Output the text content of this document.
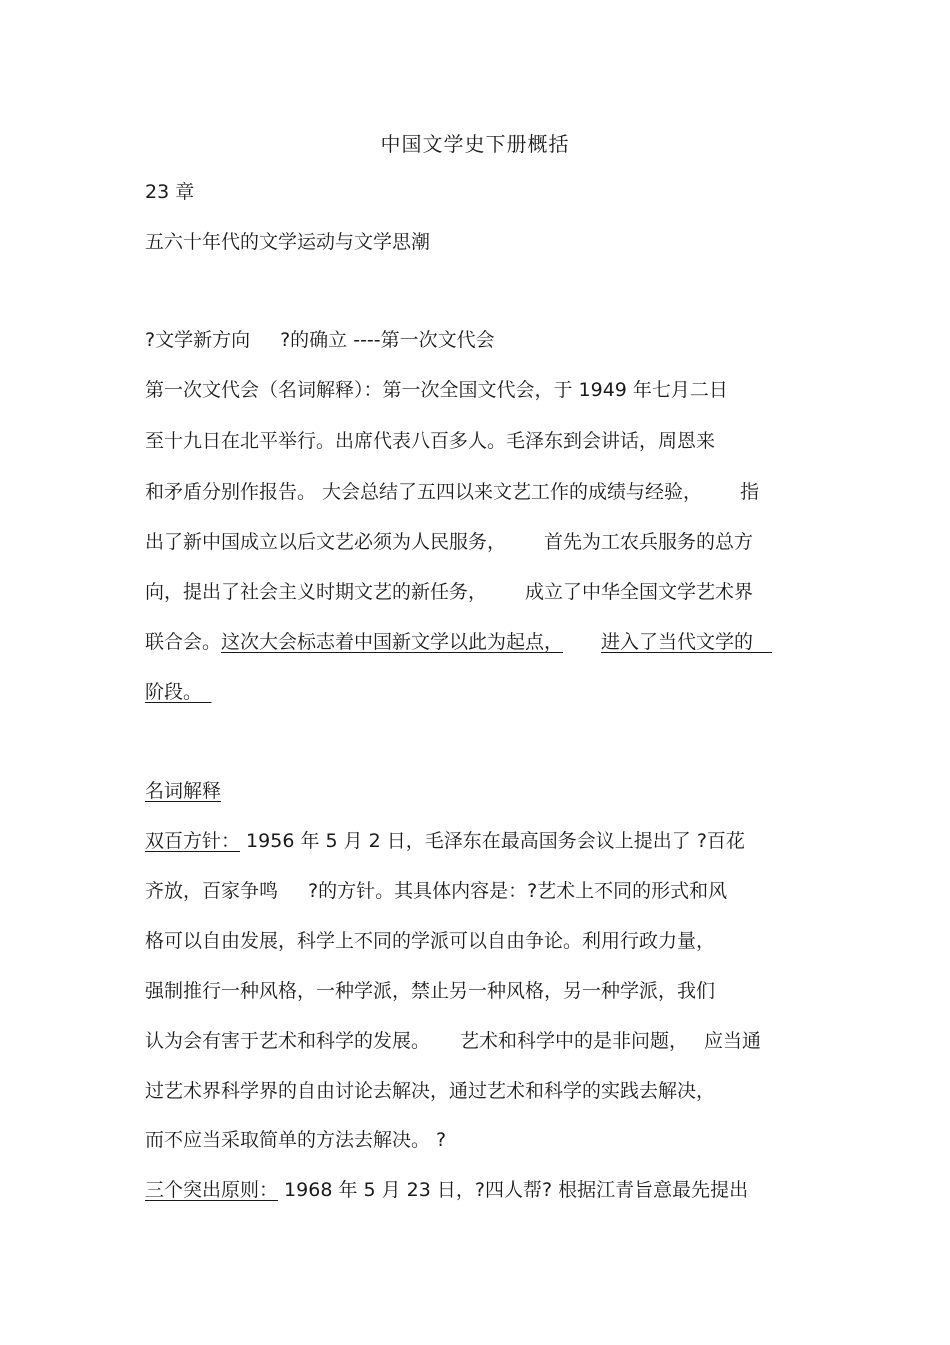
中国文学史下册概括
23 章
五六十年代的文学运动与文学思潮
?文学新方向 ?的确立 ----第一次文代会
第一次文代会（名词解释）：第一次全国文代会，于 1949 年七月二日
至十九日在北平举行。出席代表八百多人。毛泽东到会讲话，周恩来
和矛盾分别作报告。 大会总结了五四以来文艺工作的成绩与经验， 指
出了新中国成立以后文艺必须为人民服务， 首先为工农兵服务的总方
向，提出了社会主义时期文艺的新任务， 成立了中华全国文学艺术界
联合会。这次大会标志着中国新文学以此为起点， 进入了当代文学的 
阶段。 
名词解释
双百方针： 1956 年 5 月 2 日，毛泽东在最高国务会议上提出了 ?百花
齐放，百家争鸣 ?的方针。其具体内容是：?艺术上不同的形式和风
格可以自由发展，科学上不同的学派可以自由争论。利用行政力量，
强制推行一种风格，一种学派，禁止另一种风格，另一种学派，我们
认为会有害于艺术和科学的发展。 艺术和科学中的是非问题， 应当通
过艺术界科学界的自由讨论去解决，通过艺术和科学的实践去解决，
而不应当采取简单的方法去解决。 ?
三个突出原则： 1968 年 5 月 23 日，?四人帮? 根据江青旨意最先提出
